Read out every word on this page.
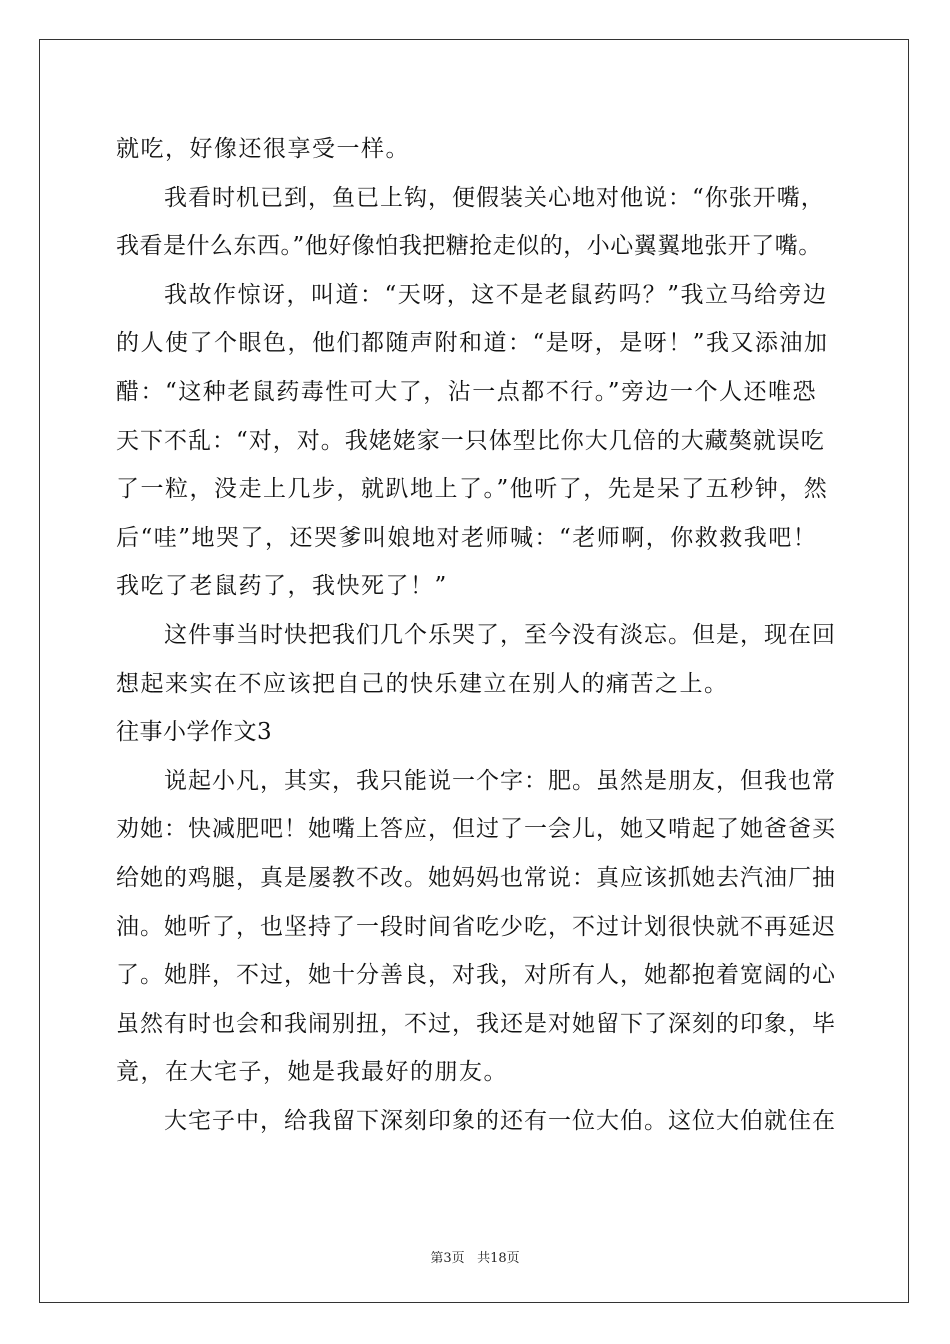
就吃，好像还很享受一样。
我看时机已到，鱼已上钩，便假装关心地对他说：“你张开嘴，
我看是什么东西。”他好像怕我把糖抢走似的，小心翼翼地张开了嘴。
我故作惊讶，叫道：“天呀，这不是老鼠药吗？”我立马给旁边
的人使了个眼色，他们都随声附和道：“是呀，是呀！”我又添油加
醋：“这种老鼠药毒性可大了，沾一点都不行。”旁边一个人还唯恐
天下不乱：“对，对。我姥姥家一只体型比你大几倍的大藏獒就误吃
了一粒，没走上几步，就趴地上了。”他听了，先是呆了五秒钟，然
后“哇”地哭了，还哭爹叫娘地对老师喊：“老师啊，你救救我吧！
我吃了老鼠药了，我快死了！”
这件事当时快把我们几个乐哭了，至今没有淡忘。但是，现在回
想起来实在不应该把自己的快乐建立在别人的痛苦之上。
往事小学作文3
说起小凡，其实，我只能说一个字：肥。虽然是朋友，但我也常
劝她：快减肥吧！她嘴上答应，但过了一会儿，她又啃起了她爸爸买
给她的鸡腿，真是屡教不改。她妈妈也常说：真应该抓她去汽油厂抽
油。她听了，也坚持了一段时间省吃少吃，不过计划很快就不再延迟
了。她胖，不过，她十分善良，对我，对所有人，她都抱着宽阔的心
虽然有时也会和我闹别扭，不过，我还是对她留下了深刻的印象，毕
竟，在大宅子，她是我最好的朋友。
大宅子中，给我留下深刻印象的还有一位大伯。这位大伯就住在
第3页 共18页
